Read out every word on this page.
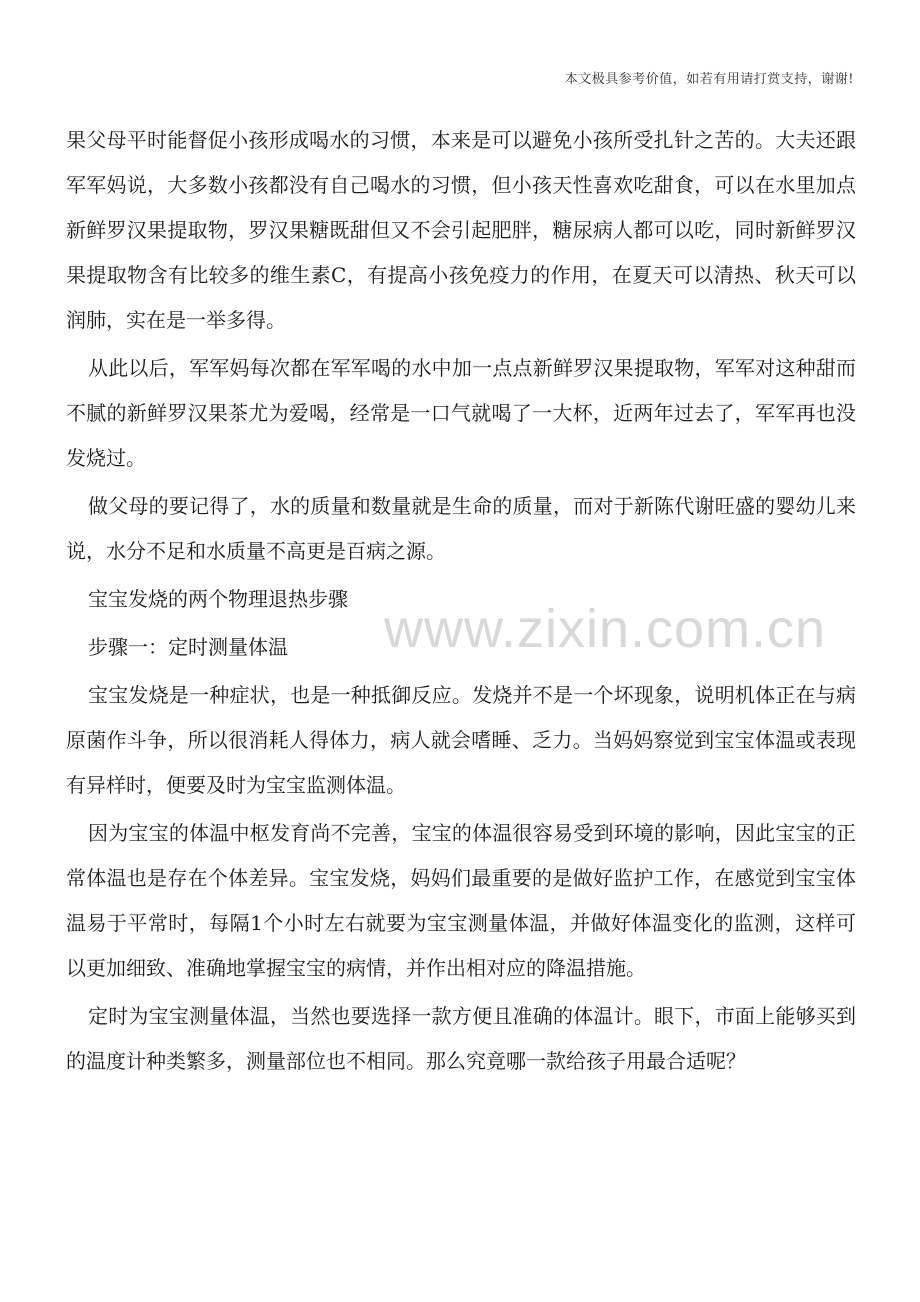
本文极具参考价值，如若有用请打赏支持，谢谢!
www.zixin.com.cn

果父母平时能督促小孩形成喝水的习惯，本来是可以避免小孩所受扎针之苦的。大夫还跟军军妈说，大多数小孩都没有自己喝水的习惯，但小孩天性喜欢吃甜食，可以在水里加点新鲜罗汉果提取物，罗汉果糖既甜但又不会引起肥胖，糖尿病人都可以吃，同时新鲜罗汉果提取物含有比较多的维生素C，有提高小孩免疫力的作用，在夏天可以清热、秋天可以润肺，实在是一举多得。

从此以后，军军妈每次都在军军喝的水中加一点点新鲜罗汉果提取物，军军对这种甜而不腻的新鲜罗汉果茶尤为爱喝，经常是一口气就喝了一大杯，近两年过去了，军军再也没发烧过。

做父母的要记得了，水的质量和数量就是生命的质量，而对于新陈代谢旺盛的婴幼儿来说，水分不足和水质量不高更是百病之源。

宝宝发烧的两个物理退热步骤

步骤一：定时测量体温

宝宝发烧是一种症状，也是一种抵御反应。发烧并不是一个坏现象，说明机体正在与病原菌作斗争，所以很消耗人得体力，病人就会嗜睡、乏力。当妈妈察觉到宝宝体温或表现有异样时，便要及时为宝宝监测体温。

因为宝宝的体温中枢发育尚不完善，宝宝的体温很容易受到环境的影响，因此宝宝的正常体温也是存在个体差异。宝宝发烧，妈妈们最重要的是做好监护工作，在感觉到宝宝体温易于平常时，每隔1个小时左右就要为宝宝测量体温，并做好体温变化的监测，这样可以更加细致、准确地掌握宝宝的病情，并作出相对应的降温措施。

定时为宝宝测量体温，当然也要选择一款方便且准确的体温计。眼下，市面上能够买到的温度计种类繁多，测量部位也不相同。那么究竟哪一款给孩子用最合适呢？
